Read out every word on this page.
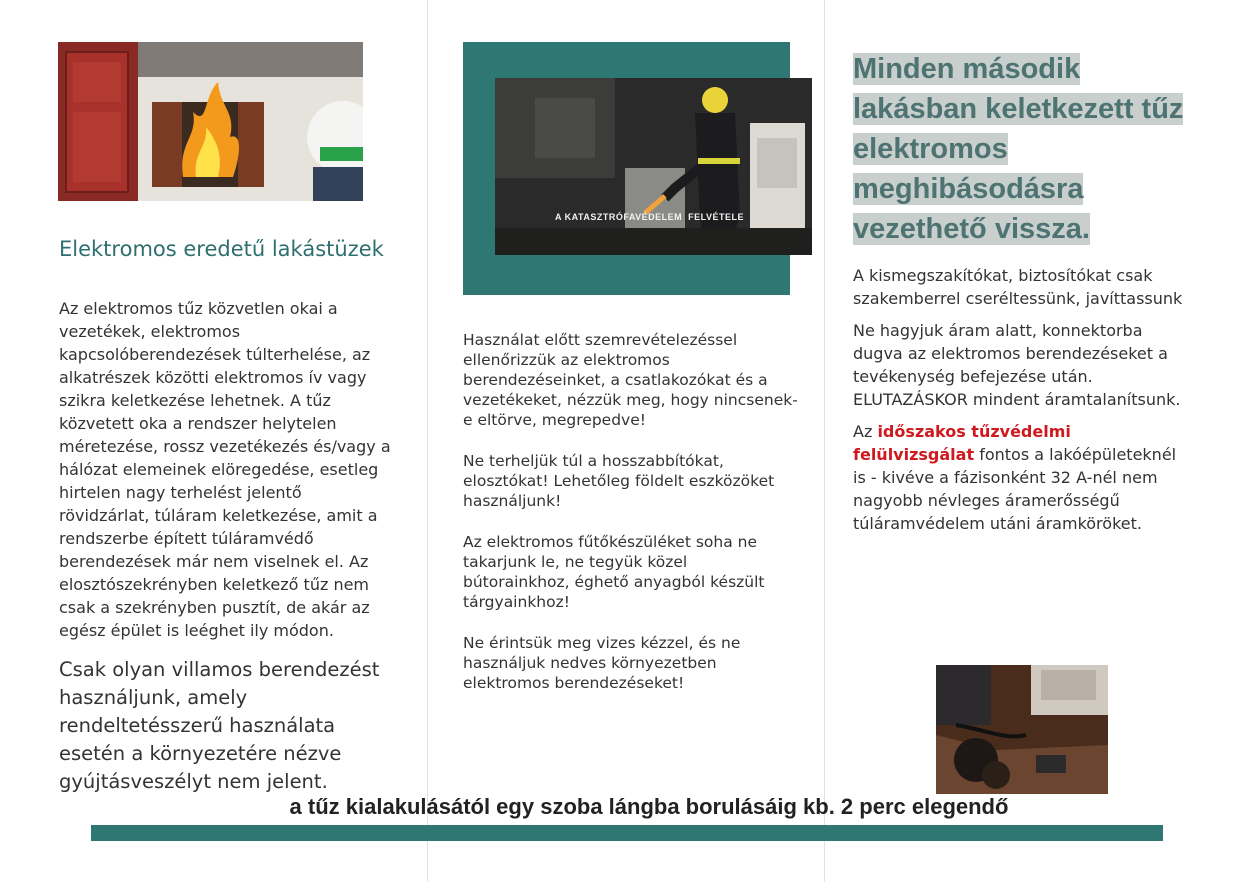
Elektromos eredetű lakástüzek
Az elektromos tűz közvetlen okai a vezetékek, elektromos kapcsolóberendezések túlterhelése, az alkatrészek közötti elektromos ív vagy szikra keletkezése lehetnek. A tűz közvetett oka a rendszer helytelen méretezése, rossz vezetékezés és/vagy a hálózat elemeinek elöregedése, esetleg hirtelen nagy terhelést jelentő rövidzárlat, túláram keletkezése, amit a rendszerbe épített túláramvédő berendezések már nem viselnek el. Az elosztószekrényben keletkező tűz nem csak a szekrényben pusztít, de akár az egész épület is leéghet ily módon.
Csak olyan villamos berendezést használjunk, amely rendeltetésszerű használata esetén a környezetére nézve gyújtásveszélyt nem jelent.
A KATASZTRÓFAVÉDELEM  FELVÉTELE

Használat előtt szemrevételezéssel ellenőrizzük az elektromos berendezéseinket, a csatlakozókat és a vezetékeket, nézzük meg, hogy nincsenek-e eltörve, megrepedve!

Ne terheljük túl a hosszabbítókat, elosztókat! Lehetőleg földelt eszközöket használjunk!

Az elektromos fűtőkészüléket soha ne takarjunk le, ne tegyük közel bútorainkhoz, éghető anyagból készült tárgyainkhoz!

Ne érintsük meg vizes kézzel, és ne használjuk nedves környezetben elektromos berendezéseket!

Minden második lakásban keletkezett tűz elektromos meghibásodásra vezethető vissza.

A kismegszakítókat, biztosítókat csak szakemberrel cseréltessünk, javíttassunk

Ne hagyjuk áram alatt, konnektorba dugva az elektromos berendezéseket a tevékenység befejezése után. ELUTAZÁSKOR mindent áramtalanítsunk.

Az időszakos tűzvédelmi felülvizsgálat fontos a lakóépületeknél is - kivéve a fázisonként 32 A-nél nem nagyobb névleges áramerősségű túláramvédelem utáni áramköröket.

a tűz kialakulásától egy szoba lángba borulásáig kb. 2 perc elegendő
